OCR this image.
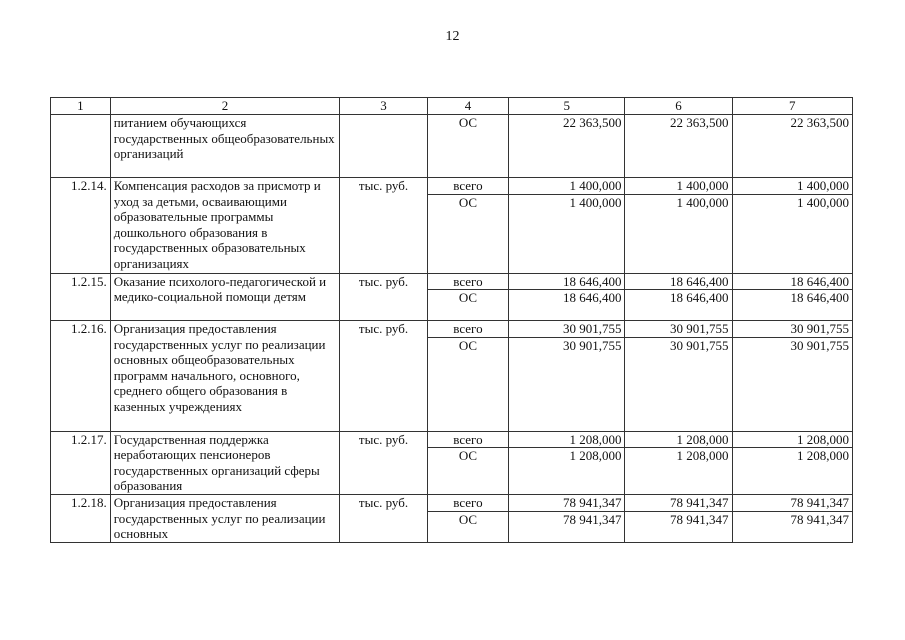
12
1	2	3	4	5	6	7
	питанием обучающихся государственных общеобразовательных организаций		ОС	22 363,500	22 363,500	22 363,500
1.2.14.	Компенсация расходов за присмотр и уход за детьми, осваивающими образовательные программы дошкольного образования в государственных образовательных организациях	тыс. руб.	всего	1 400,000	1 400,000	1 400,000
			ОС	1 400,000	1 400,000	1 400,000
1.2.15.	Оказание психолого-педагогической и медико-социальной помощи детям	тыс. руб.	всего	18 646,400	18 646,400	18 646,400
			ОС	18 646,400	18 646,400	18 646,400
1.2.16.	Организация предоставления государственных услуг по реализации основных общеобразовательных программ начального, основного, среднего общего образования в казенных учреждениях	тыс. руб.	всего	30 901,755	30 901,755	30 901,755
			ОС	30 901,755	30 901,755	30 901,755
1.2.17.	Государственная поддержка неработающих пенсионеров государственных организаций сферы образования	тыс. руб.	всего	1 208,000	1 208,000	1 208,000
			ОС	1 208,000	1 208,000	1 208,000
1.2.18.	Организация предоставления государственных услуг по реализации основных	тыс. руб.	всего	78 941,347	78 941,347	78 941,347
			ОС	78 941,347	78 941,347	78 941,347
